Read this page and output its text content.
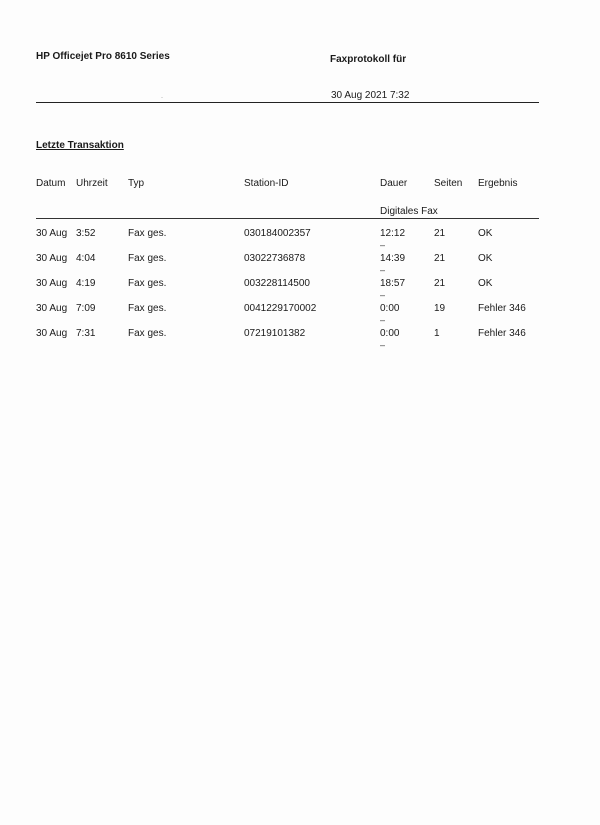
HP Officejet Pro 8610 Series	Faxprotokoll für
30 Aug 2021 7:32
·
Letzte Transaktion
Datum Uhrzeit Typ	Station-ID	Dauer	Seiten Ergebnis
Digitales Fax
30 Aug 3:52	Fax ges.	030184002357	12:12	21	OK
–
30 Aug 4:04	Fax ges.	03022736878	14:39	21	OK
–
30 Aug 4:19	Fax ges.	003228114500	18:57	21	OK
–
30 Aug 7:09	Fax ges.	0041229170002	0:00	19	Fehler 346
–
30 Aug 7:31	Fax ges.	07219101382	0:00	1	Fehler 346
–
